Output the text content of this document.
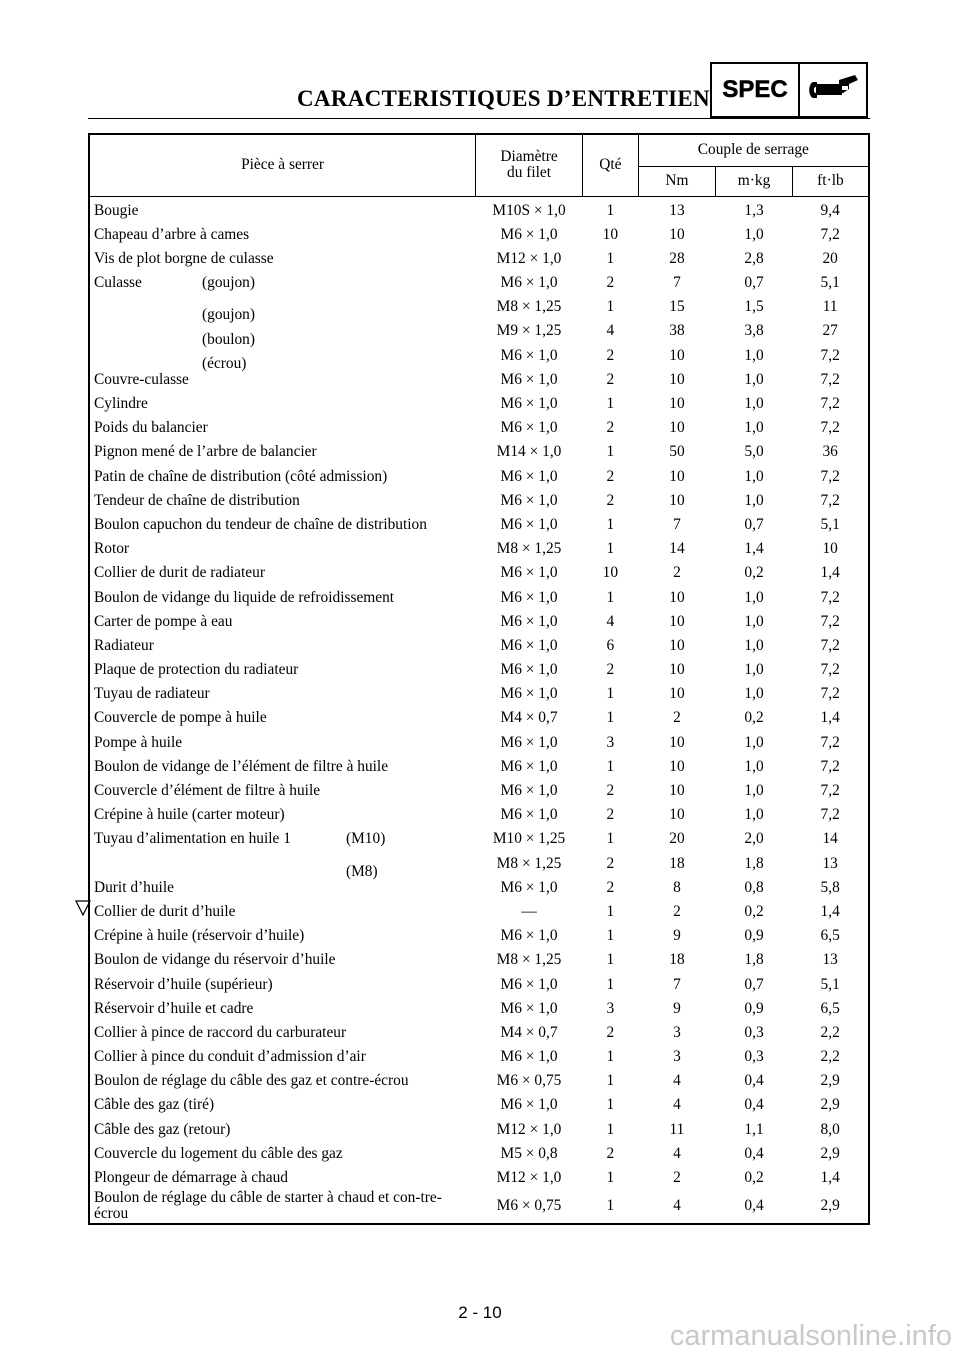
CARACTERISTIQUES D’ENTRETIEN SPEC
Pièce à serrer	Diamètre du filet	Qté	Couple de serrage		
			Nm	m·kg	ft·lb
Bougie	M10S × 1,0	1	13	1,3	9,4
Chapeau d’arbre à cames	M6 × 1,0	10	10	1,0	7,2
Vis de plot borgne de culasse	M12 × 1,0	1	28	2,8	20
Culasse (goujon)	M6 × 1,0	2	7	0,7	5,1

(goujon)	M8 × 1,25	1	15	1,5	11

(boulon)	M9 × 1,25	4	38	3,8	27

(écrou)	M6 × 1,0	2	10	1,0	7,2
Couvre-culasse	M6 × 1,0	2	10	1,0	7,2
Cylindre	M6 × 1,0	1	10	1,0	7,2
Poids du balancier	M6 × 1,0	2	10	1,0	7,2
Pignon mené de l’arbre de balancier	M14 × 1,0	1	50	5,0	36
Patin de chaîne de distribution (côté admission)	M6 × 1,0	2	10	1,0	7,2
Tendeur de chaîne de distribution	M6 × 1,0	2	10	1,0	7,2
Boulon capuchon du tendeur de chaîne de distribution	M6 × 1,0	1	7	0,7	5,1
Rotor	M8 × 1,25	1	14	1,4	10
Collier de durit de radiateur	M6 × 1,0	10	2	0,2	1,4
Boulon de vidange du liquide de refroidissement	M6 × 1,0	1	10	1,0	7,2
Carter de pompe à eau	M6 × 1,0	4	10	1,0	7,2
Radiateur	M6 × 1,0	6	10	1,0	7,2
Plaque de protection du radiateur	M6 × 1,0	2	10	1,0	7,2
Tuyau de radiateur	M6 × 1,0	1	10	1,0	7,2
Couvercle de pompe à huile	M4 × 0,7	1	2	0,2	1,4
Pompe à huile	M6 × 1,0	3	10	1,0	7,2
Boulon de vidange de l’élément de filtre à huile	M6 × 1,0	1	10	1,0	7,2
Couvercle d’élément de filtre à huile	M6 × 1,0	2	10	1,0	7,2
Crépine à huile (carter moteur)	M6 × 1,0	2	10	1,0	7,2
Tuyau d’alimentation en huile 1 (M10)	M10 × 1,25	1	20	2,0	14

(M8)	M8 × 1,25	2	18	1,8	13
Durit d’huile	M6 × 1,0	2	8	0,8	5,8
Collier de durit d’huile	—	1	2	0,2	1,4
Crépine à huile (réservoir d’huile)	M6 × 1,0	1	9	0,9	6,5
Boulon de vidange du réservoir d’huile	M8 × 1,25	1	18	1,8	13
Réservoir d’huile (supérieur)	M6 × 1,0	1	7	0,7	5,1
Réservoir d’huile et cadre	M6 × 1,0	3	9	0,9	6,5
Collier à pince de raccord du carburateur	M4 × 0,7	2	3	0,3	2,2
Collier à pince du conduit d’admission d’air	M6 × 1,0	1	3	0,3	2,2
Boulon de réglage du câble des gaz et contre-écrou	M6 × 0,75	1	4	0,4	2,9
Câble des gaz (tiré)	M6 × 1,0	1	4	0,4	2,9
Câble des gaz (retour)	M12 × 1,0	1	11	1,1	8,0
Couvercle du logement du câble des gaz	M5 × 0,8	2	4	0,4	2,9
Plongeur de démarrage à chaud	M12 × 1,0	1	2	0,2	1,4
Boulon de réglage du câble de starter à chaud et con-tre-écrou	M6 × 0,75	1	4	0,4	2,9
2 - 10
carmanualsonline.info
